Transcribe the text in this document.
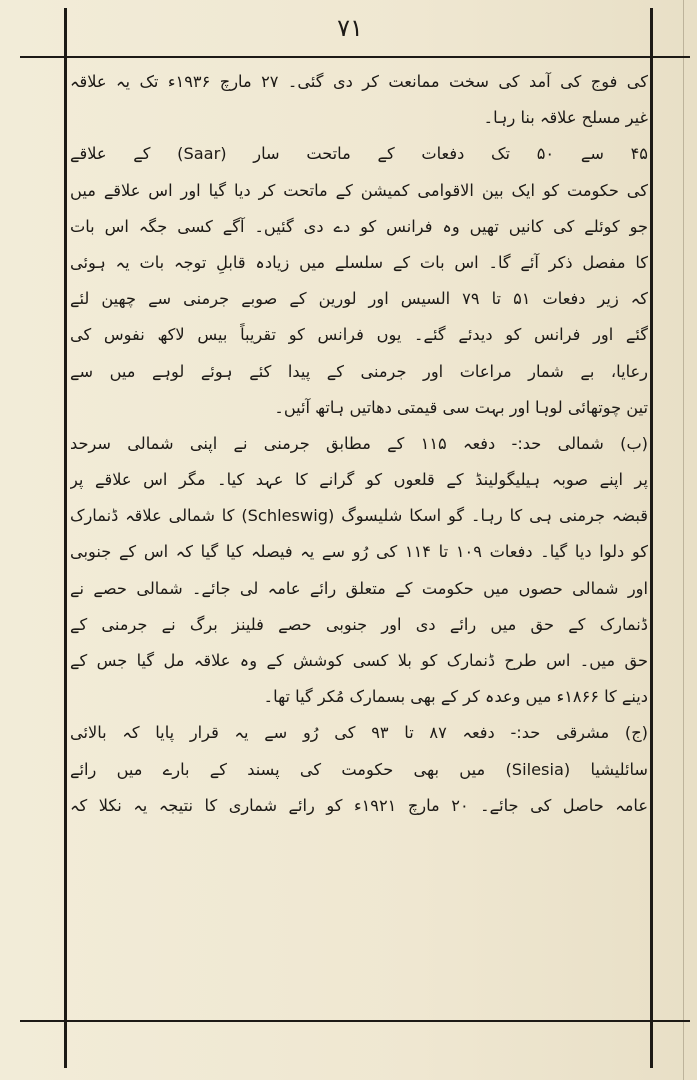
۷۱
کی فوج کی آمد کی سخت ممانعت کر دی گئی۔ ۲۷ مارچ ۱۹۳۶ء تک یہ علاقہ
غیر مسلح علاقہ بنا رہا۔
۴۵ سے ۵۰ تک دفعات کے ماتحت سار (Saar) کے علاقے
کی حکومت کو ایک بین الاقوامی کمیشن کے ماتحت کر دیا گیا اور اس علاقے میں
جو کوئلے کی کانیں تھیں وہ فرانس کو دے دی گئیں۔ آگے کسی جگہ اس بات
کا مفصل ذکر آئے گا۔ اس بات کے سلسلے میں زیادہ قابلِ توجہ بات یہ ہوئی
کہ زیر دفعات ۵۱ تا ۷۹ السیس اور لورین کے صوبے جرمنی سے چھین لئے
گئے اور فرانس کو دیدئے گئے۔ یوں فرانس کو تقریباً بیس لاکھ نفوس کی
رعایا، بے شمار مراعات اور جرمنی کے پیدا کئے ہوئے لوہے میں سے
تین چوتھائی لوہا اور بہت سی قیمتی دھاتیں ہاتھ آئیں۔
(ب) شمالی حد:- دفعہ ۱۱۵ کے مطابق جرمنی نے اپنی شمالی سرحد
پر اپنے صوبہ ہیلیگولینڈ کے قلعوں کو گرانے کا عہد کیا۔ مگر اس علاقے پر
قبضہ جرمنی ہی کا رہا۔ گو اسکا شلیسوگ (Schleswig) کا شمالی علاقہ ڈنمارک
کو دلوا دیا گیا۔ دفعات ۱۰۹ تا ۱۱۴ کی رُو سے یہ فیصلہ کیا گیا کہ اس کے جنوبی
اور شمالی حصوں میں حکومت کے متعلق رائے عامہ لی جائے۔ شمالی حصے نے
ڈنمارک کے حق میں رائے دی اور جنوبی حصے فلینز برگ نے جرمنی کے
حق میں۔ اس طرح ڈنمارک کو بلا کسی کوشش کے وہ علاقہ مل گیا جس کے
دینے کا ۱۸۶۶ء میں وعدہ کر کے بھی بسمارک مُکر گیا تھا۔
(ج) مشرقی حد:- دفعہ ۸۷ تا ۹۳ کی رُو سے یہ قرار پایا کہ بالائی
سائلیشیا (Silesia) میں بھی حکومت کی پسند کے بارے میں رائے
عامہ حاصل کی جائے۔ ۲۰ مارچ ۱۹۲۱ء کو رائے شماری کا نتیجہ یہ نکلا کہ
